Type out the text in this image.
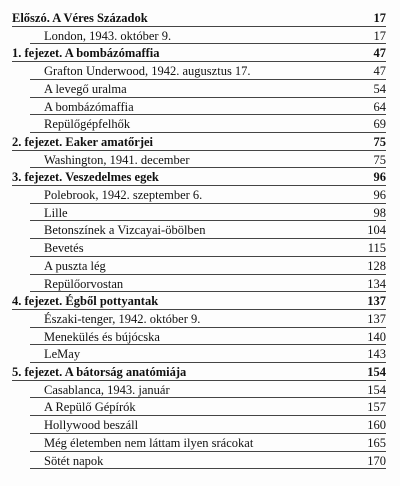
Előszó. A Véres Századok	17
London, 1943. október 9.	17
1. fejezet. A bombázómaffia	47
Grafton Underwood, 1942. augusztus 17.	47
A levegő uralma	54
A bombázómaffia	64
Repülőgépfelhők	69
2. fejezet. Eaker amatőrjei	75
Washington, 1941. december	75
3. fejezet. Veszedelmes egek	96
Polebrook, 1942. szeptember 6.	96
Lille	98
Betonszínek a Vizcayai-öbölben	104
Bevetés	115
A puszta lég	128
Repülőorvostan	134
4. fejezet. Égből pottyantak	137
Északi-tenger, 1942. október 9.	137
Menekülés és bújócska	140
LeMay	143
5. fejezet. A bátorság anatómiája	154
Casablanca, 1943. január	154
A Repülő Gépírók	157
Hollywood beszáll	160
Még életemben nem láttam ilyen srácokat	165
Sötét napok	170
